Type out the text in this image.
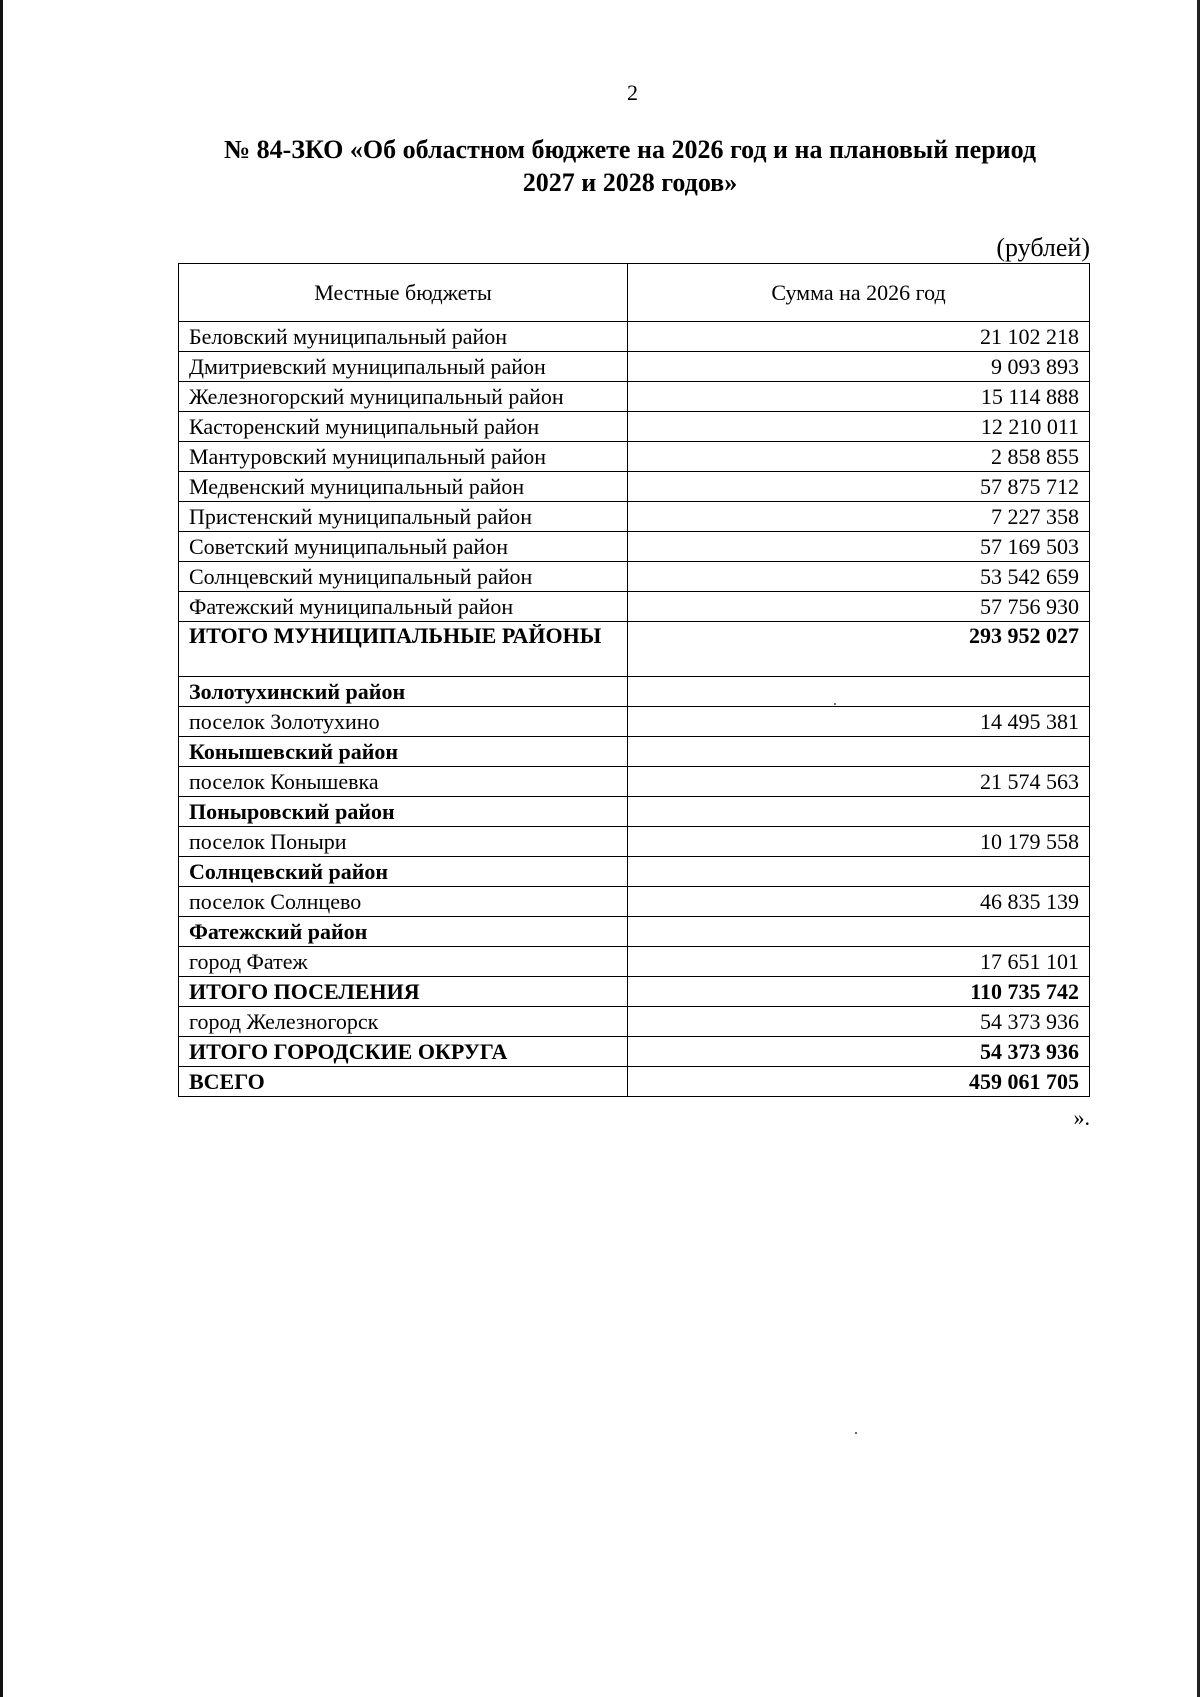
2
№ 84-ЗКО «Об областном бюджете на 2026 год и на плановый период
2027 и 2028 годов»
(рублей)
Местные бюджеты	Сумма на 2026 год
Беловский муниципальный район	21 102 218
Дмитриевский муниципальный район	9 093 893
Железногорский муниципальный район	15 114 888
Касторенский муниципальный район	12 210 011
Мантуровский муниципальный район	2 858 855
Медвенский муниципальный район	57 875 712
Пристенский муниципальный район	7 227 358
Советский муниципальный район	57 169 503
Солнцевский муниципальный район	53 542 659
Фатежский муниципальный район	57 756 930
ИТОГО МУНИЦИПАЛЬНЫЕ РАЙОНЫ	293 952 027
Золотухинский район	
поселок Золотухино	14 495 381
Конышевский район	
поселок Конышевка	21 574 563
Поныровский район	
поселок Поныри	10 179 558
Солнцевский район	
поселок Солнцево	46 835 139
Фатежский район	
город Фатеж	17 651 101
ИТОГО ПОСЕЛЕНИЯ	110 735 742
город Железногорск	54 373 936
ИТОГО ГОРОДСКИЕ ОКРУГА	54 373 936
ВСЕГО	459 061 705
».
